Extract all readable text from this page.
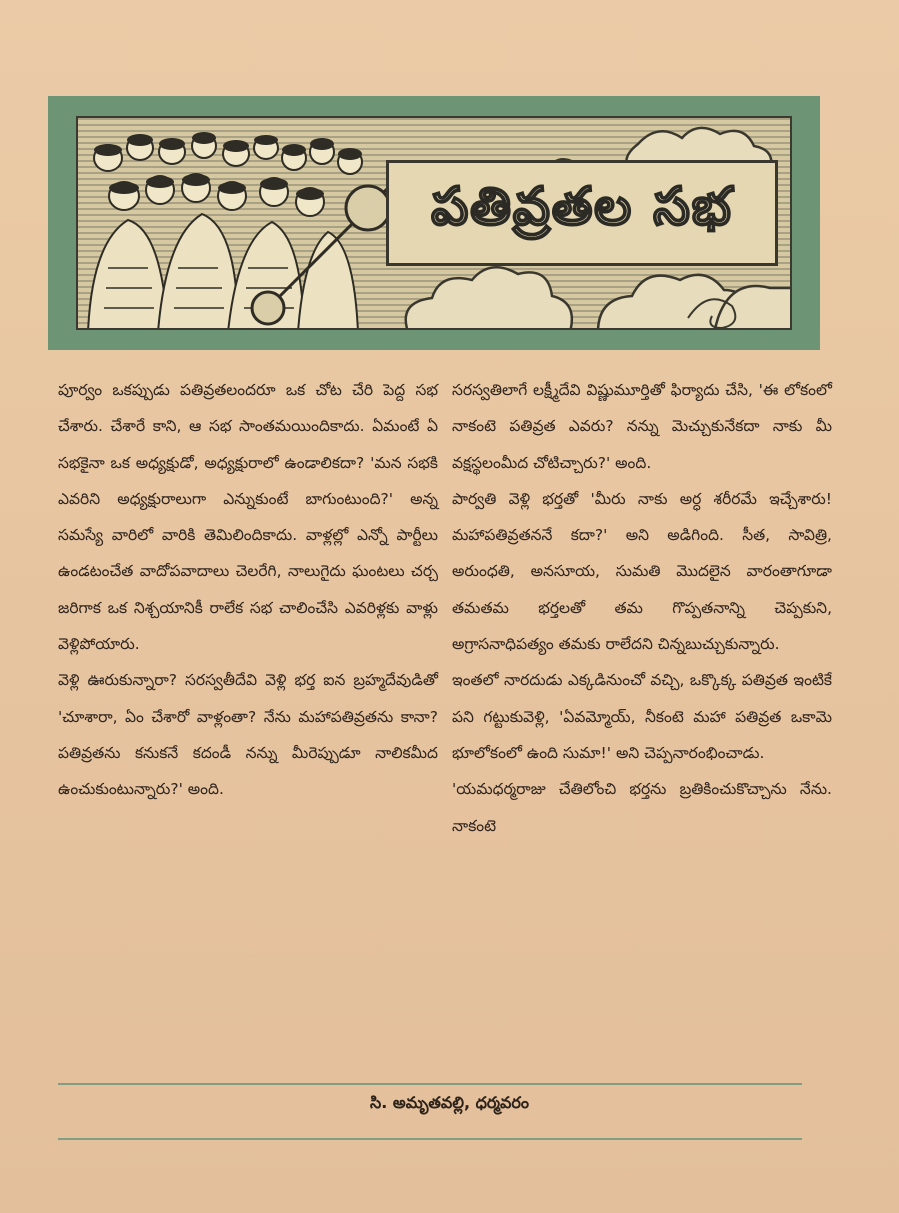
పతివ్రతల సభ

పూర్వం ఒకప్పుడు పతివ్రతలందరూ ఒక చోట చేరి పెద్ద సభ చేశారు. చేశారే కాని, ఆ సభ సాంతమయిందికాదు. ఏమంటే ఏ సభకైనా ఒక అధ్యక్షుడో, అధ్యక్షురాలో ఉండాలికదా? 'మన సభకి ఎవరిని అధ్యక్షురాలుగా ఎన్నుకుంటే బాగుంటుంది?' అన్న సమస్యే వారిలో వారికి తెమిలిందికాదు. వాళ్లల్లో ఎన్నో పార్టీలు ఉండటంచేత వాదోపవాదాలు చెలరేగి, నాలుగైదు ఘంటలు చర్చ జరిగాక ఒక నిశ్చయానికీ రాలేక సభ చాలించేసి ఎవరిళ్లకు వాళ్లు వెళ్లిపోయారు.

వెళ్లి ఊరుకున్నారా? సరస్వతీదేవి వెళ్లి భర్త ఐన బ్రహ్మదేవుడితో 'చూశారా, ఏం చేశారో వాళ్లంతా? నేను మహాపతివ్రతను కానా? పతివ్రతను కనుకనే కదండీ నన్ను మీరెప్పుడూ నాలికమీద ఉంచుకుంటున్నారు?' అంది.

సరస్వతిలాగే లక్ష్మీదేవి విష్ణుమూర్తితో ఫిర్యాదు చేసి, 'ఈ లోకంలో నాకంటె పతివ్రత ఎవరు? నన్ను మెచ్చుకునేకదా నాకు మీ వక్షస్థలంమీద చోటిచ్చారు?' అంది.

పార్వతి వెళ్లి భర్తతో 'మీరు నాకు అర్ధ శరీరమే ఇచ్చేశారు! మహాపతివ్రతననే కదా?' అని అడిగింది. సీత, సావిత్రి, అరుంధతి, అనసూయ, సుమతి మొదలైన వారంతాగూడా తమతమ భర్తలతో తమ గొప్పతనాన్ని చెప్పకుని, అగ్రాసనాధిపత్యం తమకు రాలేదని చిన్నబుచ్చుకున్నారు.

ఇంతలో నారదుడు ఎక్కడినుంచో వచ్చి, ఒక్కొక్క పతివ్రత ఇంటికే పని గట్టుకువెళ్లి, 'ఏవమ్మోయ్, నీకంటె మహా పతివ్రత ఒకామె భూలోకంలో ఉంది సుమా!' అని చెప్పనారంభించాడు.

'యమధర్మరాజు చేతిలోంచి భర్తను బ్రతికించుకొచ్చాను నేను. నాకంటె

సి. అమృతవల్లి, ధర్మవరం
